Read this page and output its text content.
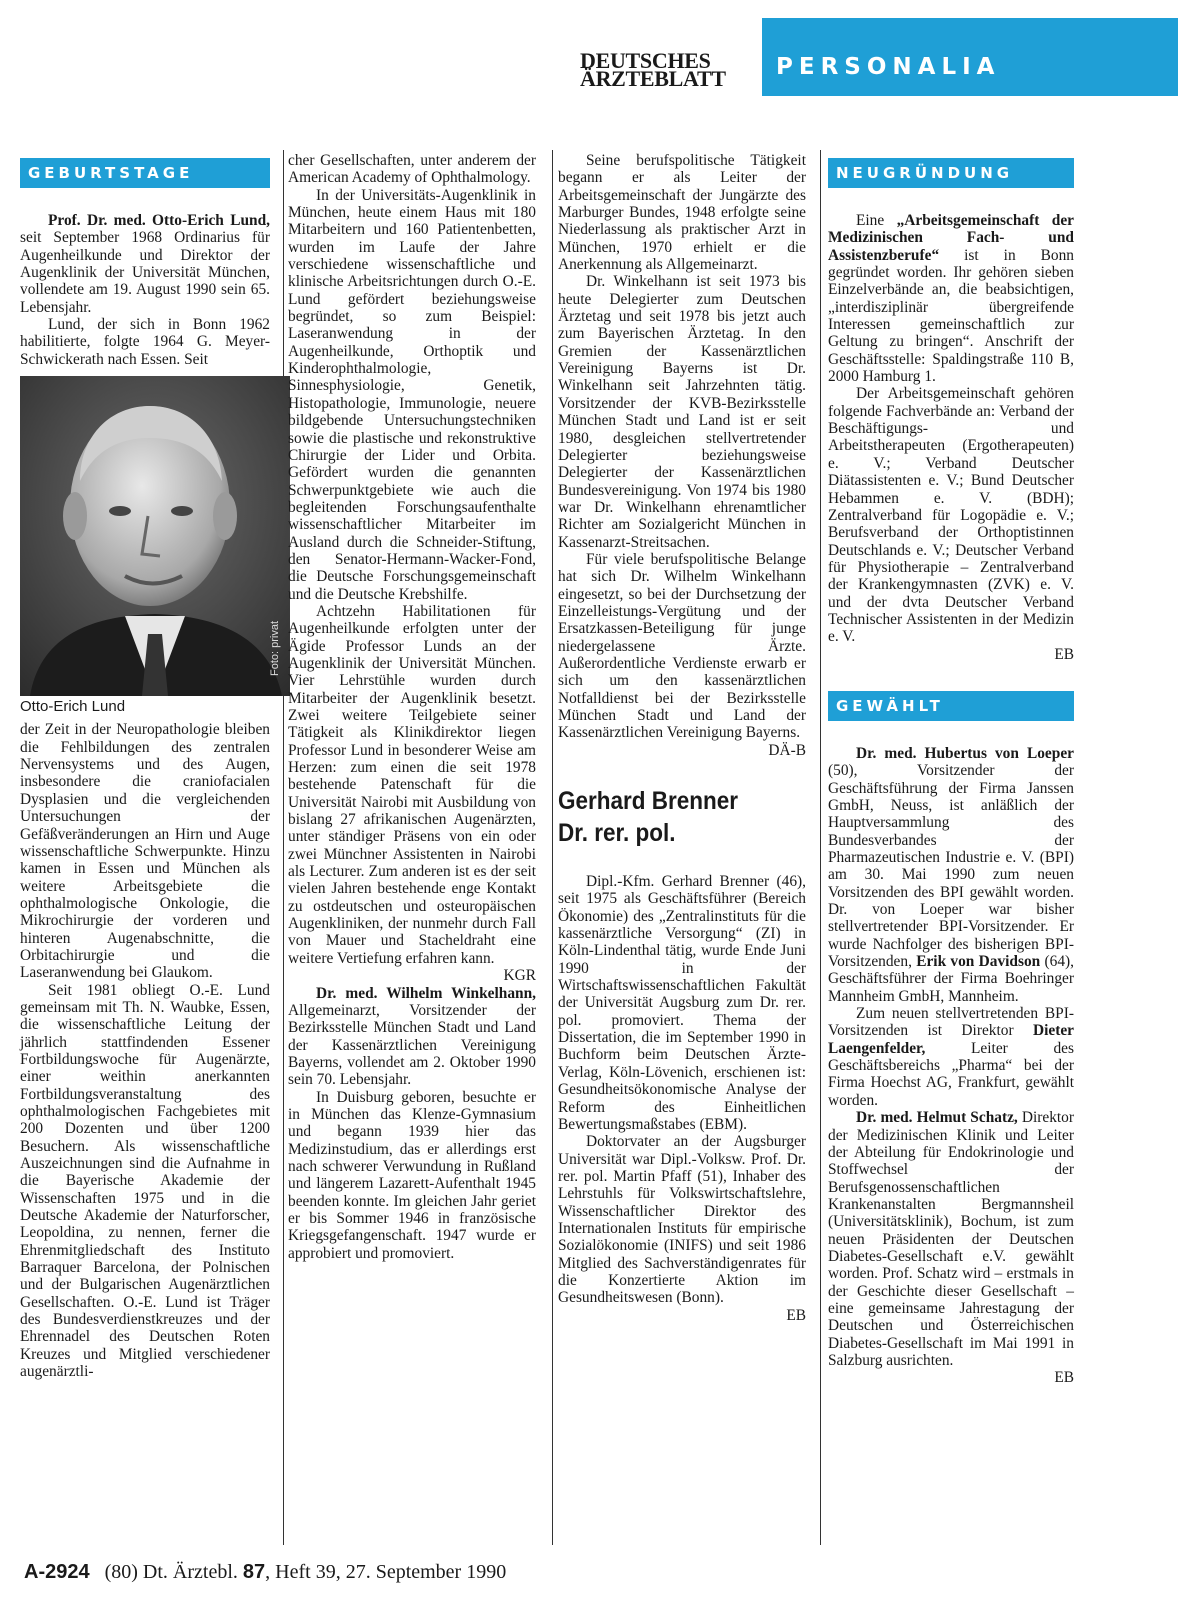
DEUTSCHES
ÄRZTEBLATT	PERSONALIA
GEBURTSTAGE

Prof. Dr. med. Otto-Erich Lund, seit September 1968 Ordinarius für Augenheilkunde und Direktor der Augenklinik der Universität München, vollendete am 19. August 1990 sein 65. Lebensjahr.

Lund, der sich in Bonn 1962 habilitierte, folgte 1964 G. Meyer-Schwickerath nach Essen. Seit

Foto: privat
Otto-Erich Lund

der Zeit in der Neuropathologie bleiben die Fehlbildungen des zentralen Nervensystems und des Augen, insbesondere die craniofacialen Dysplasien und die vergleichenden Untersuchungen der Gefäßveränderungen an Hirn und Auge wissenschaftliche Schwerpunkte. Hinzu kamen in Essen und München als weitere Arbeitsgebiete die ophthalmologische Onkologie, die Mikrochirurgie der vorderen und hinteren Augenabschnitte, die Orbitachirurgie und die Laseranwendung bei Glaukom.

Seit 1981 obliegt O.-E. Lund gemeinsam mit Th. N. Waubke, Essen, die wissenschaftliche Leitung der jährlich stattfindenden Essener Fortbildungswoche für Augenärzte, einer weithin anerkannten Fortbildungsveranstaltung des ophthalmologischen Fachgebietes mit 200 Dozenten und über 1200 Besuchern. Als wissenschaftliche Auszeichnungen sind die Aufnahme in die Bayerische Akademie der Wissenschaften 1975 und in die Deutsche Akademie der Naturforscher, Leopoldina, zu nennen, ferner die Ehrenmitgliedschaft des Instituto Barraquer Barcelona, der Polnischen und der Bulgarischen Augenärztlichen Gesellschaften. O.-E. Lund ist Träger des Bundesverdienstkreuzes und der Ehrennadel des Deutschen Roten Kreuzes und Mitglied verschiedener augenärztli-

cher Gesellschaften, unter anderem der American Academy of Ophthalmology.

In der Universitäts-Augenklinik in München, heute einem Haus mit 180 Mitarbeitern und 160 Patientenbetten, wurden im Laufe der Jahre verschiedene wissenschaftliche und klinische Arbeitsrichtungen durch O.-E. Lund gefördert beziehungsweise begründet, so zum Beispiel: Laseranwendung in der Augenheilkunde, Orthoptik und Kinderophthalmologie, Sinnesphysiologie, Genetik, Histopathologie, Immunologie, neuere bildgebende Untersuchungstechniken sowie die plastische und rekonstruktive Chirurgie der Lider und Orbita. Gefördert wurden die genannten Schwerpunktgebiete wie auch die begleitenden Forschungsaufenthalte wissenschaftlicher Mitarbeiter im Ausland durch die Schneider-Stiftung, den Senator-Hermann-Wacker-Fond, die Deutsche Forschungsgemeinschaft und die Deutsche Krebshilfe.

Achtzehn Habilitationen für Augenheilkunde erfolgten unter der Ägide Professor Lunds an der Augenklinik der Universität München. Vier Lehrstühle wurden durch Mitarbeiter der Augenklinik besetzt. Zwei weitere Teilgebiete seiner Tätigkeit als Klinikdirektor liegen Professor Lund in besonderer Weise am Herzen: zum einen die seit 1978 bestehende Patenschaft für die Universität Nairobi mit Ausbildung von bislang 27 afrikanischen Augenärzten, unter ständiger Präsens von ein oder zwei Münchner Assistenten in Nairobi als Lecturer. Zum anderen ist es der seit vielen Jahren bestehende enge Kontakt zu ostdeutschen und osteuropäischen Augenkliniken, der nunmehr durch Fall von Mauer und Stacheldraht eine weitere Vertiefung erfahren kann.

KGR

Dr. med. Wilhelm Winkelhann, Allgemeinarzt, Vorsitzender der Bezirksstelle München Stadt und Land der Kassenärztlichen Vereinigung Bayerns, vollendet am 2. Oktober 1990 sein 70. Lebensjahr.

In Duisburg geboren, besuchte er in München das Klenze-Gymnasium und begann 1939 hier das Medizinstudium, das er allerdings erst nach schwerer Verwundung in Rußland und längerem Lazarett-Aufenthalt 1945 beenden konnte. Im gleichen Jahr geriet er bis Sommer 1946 in französische Kriegsgefangenschaft. 1947 wurde er approbiert und promoviert.

Seine berufspolitische Tätigkeit begann er als Leiter der Arbeitsgemeinschaft der Jungärzte des Marburger Bundes, 1948 erfolgte seine Niederlassung als praktischer Arzt in München, 1970 erhielt er die Anerkennung als Allgemeinarzt.

Dr. Winkelhann ist seit 1973 bis heute Delegierter zum Deutschen Ärztetag und seit 1978 bis jetzt auch zum Bayerischen Ärztetag. In den Gremien der Kassenärztlichen Vereinigung Bayerns ist Dr. Winkelhann seit Jahrzehnten tätig. Vorsitzender der KVB-Bezirksstelle München Stadt und Land ist er seit 1980, desgleichen stellvertretender Delegierter beziehungsweise Delegierter der Kassenärztlichen Bundesvereinigung. Von 1974 bis 1980 war Dr. Winkelhann ehrenamtlicher Richter am Sozialgericht München in Kassenarzt-Streitsachen.

Für viele berufspolitische Belange hat sich Dr. Wilhelm Winkelhann eingesetzt, so bei der Durchsetzung der Einzelleistungs-Vergütung und der Ersatzkassen-Beteiligung für junge niedergelassene Ärzte. Außerordentliche Verdienste erwarb er sich um den kassenärztlichen Notfalldienst bei der Bezirksstelle München Stadt und Land der Kassenärztlichen Vereinigung Bayerns.

DÄ-B
Gerhard Brenner
Dr. rer. pol.

Dipl.-Kfm. Gerhard Brenner (46), seit 1975 als Geschäftsführer (Bereich Ökonomie) des „Zentralinstituts für die kassenärztliche Versorgung“ (ZI) in Köln-Lindenthal tätig, wurde Ende Juni 1990 in der Wirtschaftswissenschaftlichen Fakultät der Universität Augsburg zum Dr. rer. pol. promoviert. Thema der Dissertation, die im September 1990 in Buchform beim Deutschen Ärzte-Verlag, Köln-Lövenich, erschienen ist: Gesundheitsökonomische Analyse der Reform des Einheitlichen Bewertungsmaßstabes (EBM).

Doktorvater an der Augsburger Universität war Dipl.-Volksw. Prof. Dr. rer. pol. Martin Pfaff (51), Inhaber des Lehrstuhls für Volkswirtschaftslehre, Wissenschaftlicher Direktor des Internationalen Instituts für empirische Sozialökonomie (INIFS) und seit 1986 Mitglied des Sachverständigenrates für die Konzertierte Aktion im Gesundheitswesen (Bonn).

EB
NEUGRÜNDUNG

Eine „Arbeitsgemeinschaft der Medizinischen Fach- und Assistenzberufe“ ist in Bonn gegründet worden. Ihr gehören sieben Einzelverbände an, die beabsichtigen, „interdisziplinär übergreifende Interessen gemeinschaftlich zur Geltung zu bringen“. Anschrift der Geschäftsstelle: Spaldingstraße 110 B, 2000 Hamburg 1.

Der Arbeitsgemeinschaft gehören folgende Fachverbände an: Verband der Beschäftigungs- und Arbeitstherapeuten (Ergotherapeuten) e. V.; Verband Deutscher Diätassistenten e. V.; Bund Deutscher Hebammen e. V. (BDH); Zentralverband für Logopädie e. V.; Berufsverband der Orthoptistinnen Deutschlands e. V.; Deutscher Verband für Physiotherapie – Zentralverband der Krankengymnasten (ZVK) e. V. und der dvta Deutscher Verband Technischer Assistenten in der Medizin e. V.

EB
GEWÄHLT

Dr. med. Hubertus von Loeper (50), Vorsitzender der Geschäftsführung der Firma Janssen GmbH, Neuss, ist anläßlich der Hauptversammlung des Bundesverbandes der Pharmazeutischen Industrie e. V. (BPI) am 30. Mai 1990 zum neuen Vorsitzenden des BPI gewählt worden. Dr. von Loeper war bisher stellvertretender BPI-Vorsitzender. Er wurde Nachfolger des bisherigen BPI-Vorsitzenden, Erik von Davidson (64), Geschäftsführer der Firma Boehringer Mannheim GmbH, Mannheim.

Zum neuen stellvertretenden BPI-Vorsitzenden ist Direktor Dieter Laengenfelder, Leiter des Geschäftsbereichs „Pharma“ bei der Firma Hoechst AG, Frankfurt, gewählt worden.

Dr. med. Helmut Schatz, Direktor der Medizinischen Klinik und Leiter der Abteilung für Endokrinologie und Stoffwechsel der Berufsgenossenschaftlichen Krankenanstalten Bergmannsheil (Universitätsklinik), Bochum, ist zum neuen Präsidenten der Deutschen Diabetes-Gesellschaft e.V. gewählt worden. Prof. Schatz wird – erstmals in der Geschichte dieser Gesellschaft – eine gemeinsame Jahrestagung der Deutschen und Österreichischen Diabetes-Gesellschaft im Mai 1991 in Salzburg ausrichten.

EB
A-2924 (80) Dt. Ärztebl. 87, Heft 39, 27. September 1990
